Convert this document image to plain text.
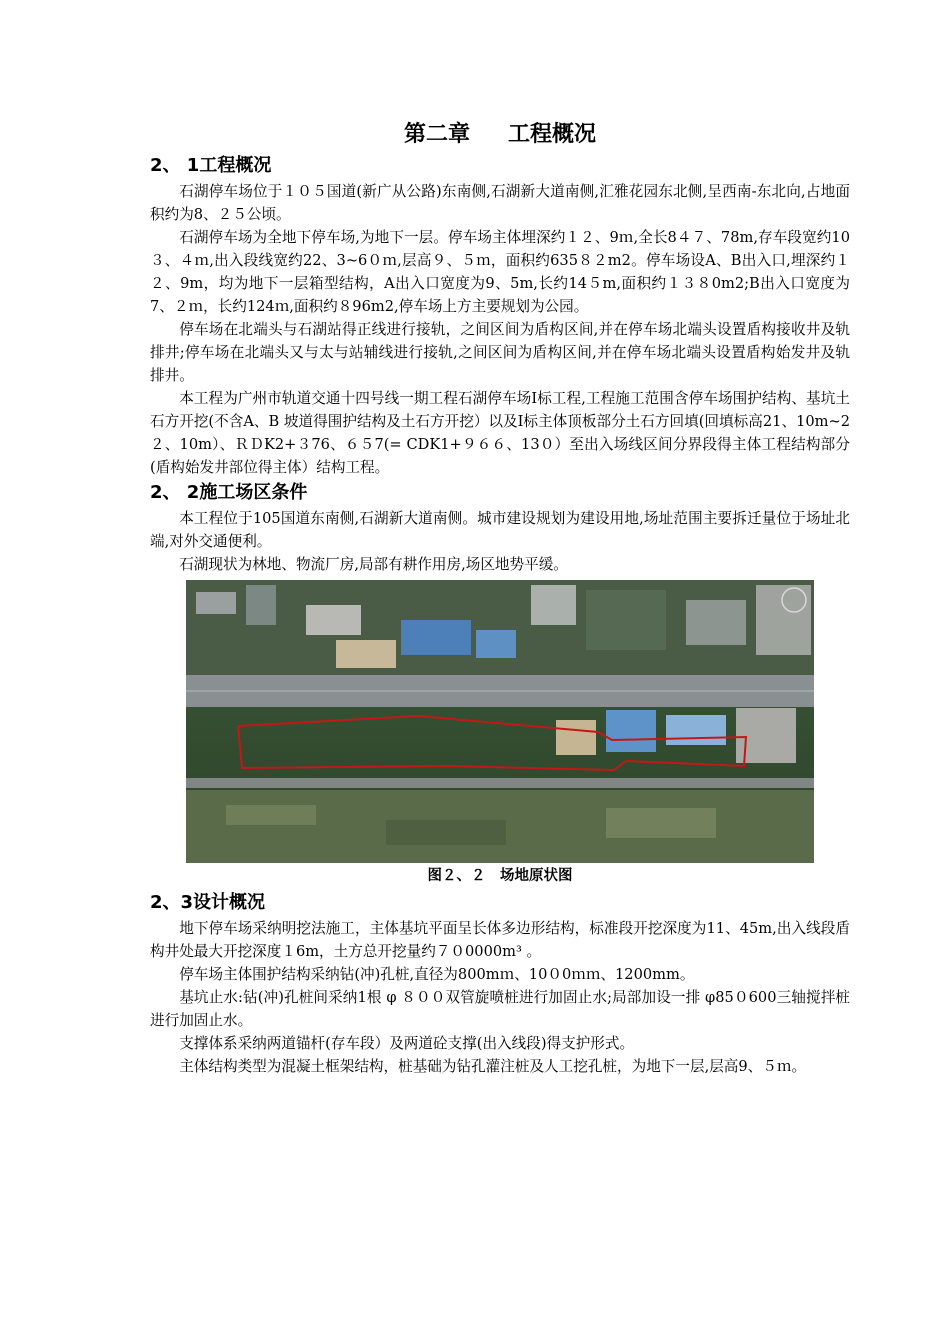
第二章 工程概况
2、 1工程概况

石湖停车场位于１０５国道(新广从公路)东南侧,石湖新大道南侧,汇雅花园东北侧,呈西南-东北向,占地面积约为8、２５公顷。

石湖停车场为全地下停车场,为地下一层。停车场主体埋深约１２、9ｍ,全长8４７、78m,存车段宽约10３、４ｍ,出入段线宽约22、3~6０ｍ,层高９、５ｍ，面积约635８２m2。停车场设A、B出入口,埋深约１２、9m，均为地下一层箱型结构，A出入口宽度为9、5m,长约14５m,面积约１３８0m2;B出入口宽度为7、２ｍ，长约124ｍ,面积约８96m2,停车场上方主要规划为公园。

停车场在北端头与石湖站得正线进行接轨，之间区间为盾构区间,并在停车场北端头设置盾构接收井及轨排井;停车场在北端头又与太与站辅线进行接轨,之间区间为盾构区间,并在停车场北端头设置盾构始发井及轨排井。

本工程为广州市轨道交通十四号线一期工程石湖停车场Ⅰ标工程,工程施工范围含停车场围护结构、基坑土石方开挖(不含A、B 坡道得围护结构及土石方开挖）以及Ⅰ标主体顶板部分土石方回填(回填标高21、10m~2２、10m）、ＲＤK2+３76、６５7(= CDK1+９６６、13０）至出入场线区间分界段得主体工程结构部分(盾构始发井部位得主体）结构工程。

2、 2施工场区条件

本工程位于105国道东南侧,石湖新大道南侧。城市建设规划为建设用地,场址范围主要拆迁量位于场址北端,对外交通便利。

石湖现状为林地、物流厂房,局部有耕作用房,场区地势平缓。

图２、２　场地原状图

2、3设计概况

地下停车场采纳明挖法施工，主体基坑平面呈长体多边形结构，标准段开挖深度为11、45m,出入线段盾构井处最大开挖深度１6m，土方总开挖量约７０0000m³ 。

停车场主体围护结构采纳钻(冲)孔桩,直径为800mｍ、10０0ｍｍ、1200mm。

基坑止水:钻(冲)孔桩间采纳1根 φ ８００双管旋喷桩进行加固止水;局部加设一排 φ85０600三轴搅拌桩进行加固止水。

支撑体系采纳两道锚杆(存车段）及两道砼支撑(出入线段)得支护形式。

主体结构类型为混凝土框架结构，桩基础为钻孔灌注桩及人工挖孔桩，为地下一层,层高9、５ｍ。
